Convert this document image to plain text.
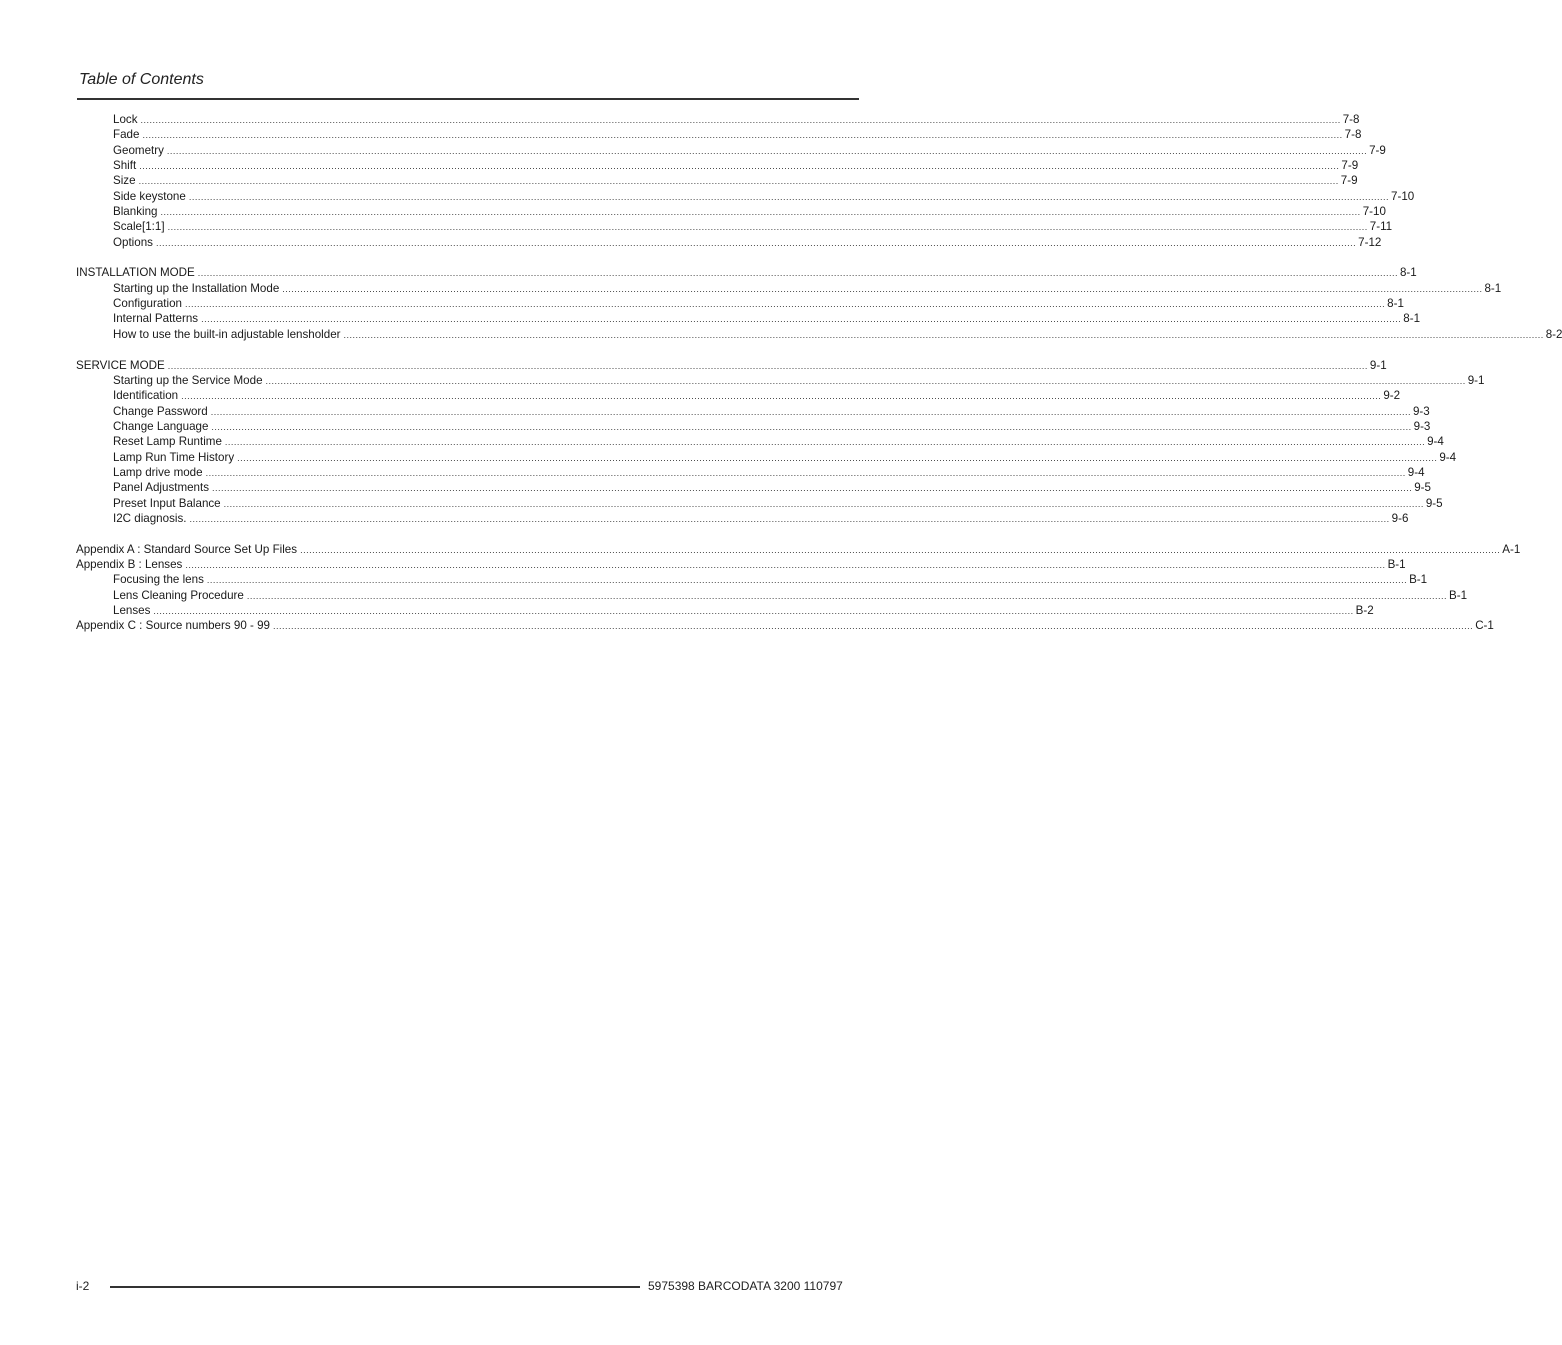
Table of Contents
Lock ................................................................................................................................................................................................................................................................................................................................................................................................................ 7-8
Fade ................................................................................................................................................................................................................................................................................................................................................................................................................ 7-8
Geometry ................................................................................................................................................................................................................................................................................................................................................................................................................ 7-9
Shift ................................................................................................................................................................................................................................................................................................................................................................................................................ 7-9
Size ................................................................................................................................................................................................................................................................................................................................................................................................................ 7-9
Side keystone ................................................................................................................................................................................................................................................................................................................................................................................................................ 7-10
Blanking ................................................................................................................................................................................................................................................................................................................................................................................................................ 7-10
Scale[1:1] ................................................................................................................................................................................................................................................................................................................................................................................................................ 7-11
Options ................................................................................................................................................................................................................................................................................................................................................................................................................ 7-12
INSTALLATION MODE ................................................................................................................................................................................................................................................................................................................................................................................................................ 8-1
Starting up the Installation Mode ................................................................................................................................................................................................................................................................................................................................................................................................................ 8-1
Configuration ................................................................................................................................................................................................................................................................................................................................................................................................................ 8-1
Internal Patterns ................................................................................................................................................................................................................................................................................................................................................................................................................ 8-1
How to use the built-in adjustable lensholder ................................................................................................................................................................................................................................................................................................................................................................................................................ 8-2
SERVICE MODE ................................................................................................................................................................................................................................................................................................................................................................................................................ 9-1
Starting up the Service Mode ................................................................................................................................................................................................................................................................................................................................................................................................................ 9-1
Identification ................................................................................................................................................................................................................................................................................................................................................................................................................ 9-2
Change Password ................................................................................................................................................................................................................................................................................................................................................................................................................ 9-3
Change Language ................................................................................................................................................................................................................................................................................................................................................................................................................ 9-3
Reset Lamp Runtime ................................................................................................................................................................................................................................................................................................................................................................................................................ 9-4
Lamp Run Time History ................................................................................................................................................................................................................................................................................................................................................................................................................ 9-4
Lamp drive mode ................................................................................................................................................................................................................................................................................................................................................................................................................ 9-4
Panel Adjustments ................................................................................................................................................................................................................................................................................................................................................................................................................ 9-5
Preset Input Balance ................................................................................................................................................................................................................................................................................................................................................................................................................ 9-5
I2C diagnosis. ................................................................................................................................................................................................................................................................................................................................................................................................................ 9-6
Appendix A : Standard Source Set Up Files ................................................................................................................................................................................................................................................................................................................................................................................................................ A-1
Appendix B : Lenses ................................................................................................................................................................................................................................................................................................................................................................................................................ B-1
Focusing the lens ................................................................................................................................................................................................................................................................................................................................................................................................................ B-1
Lens Cleaning Procedure ................................................................................................................................................................................................................................................................................................................................................................................................................ B-1
Lenses ................................................................................................................................................................................................................................................................................................................................................................................................................ B-2
Appendix C : Source numbers 90 - 99 ................................................................................................................................................................................................................................................................................................................................................................................................................ C-1
i-2	5975398 BARCODATA 3200 110797
